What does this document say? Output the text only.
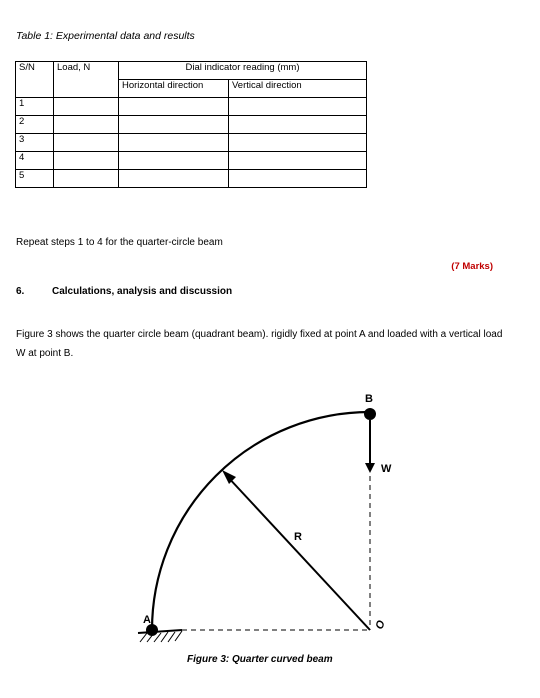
Table 1: Experimental data and results
S/N	Load, N	Dial indicator reading (mm)	
		Horizontal direction	Vertical direction
1			
2			
3			
4			
5			
Repeat steps 1 to 4 for the quarter-circle beam
(7 Marks)
6.	Calculations, analysis and discussion
Figure 3 shows the quarter circle beam (quadrant beam). rigidly fixed at point A and loaded with a vertical load
W at point B.
A
B
W
R
O
Figure 3: Quarter curved beam
